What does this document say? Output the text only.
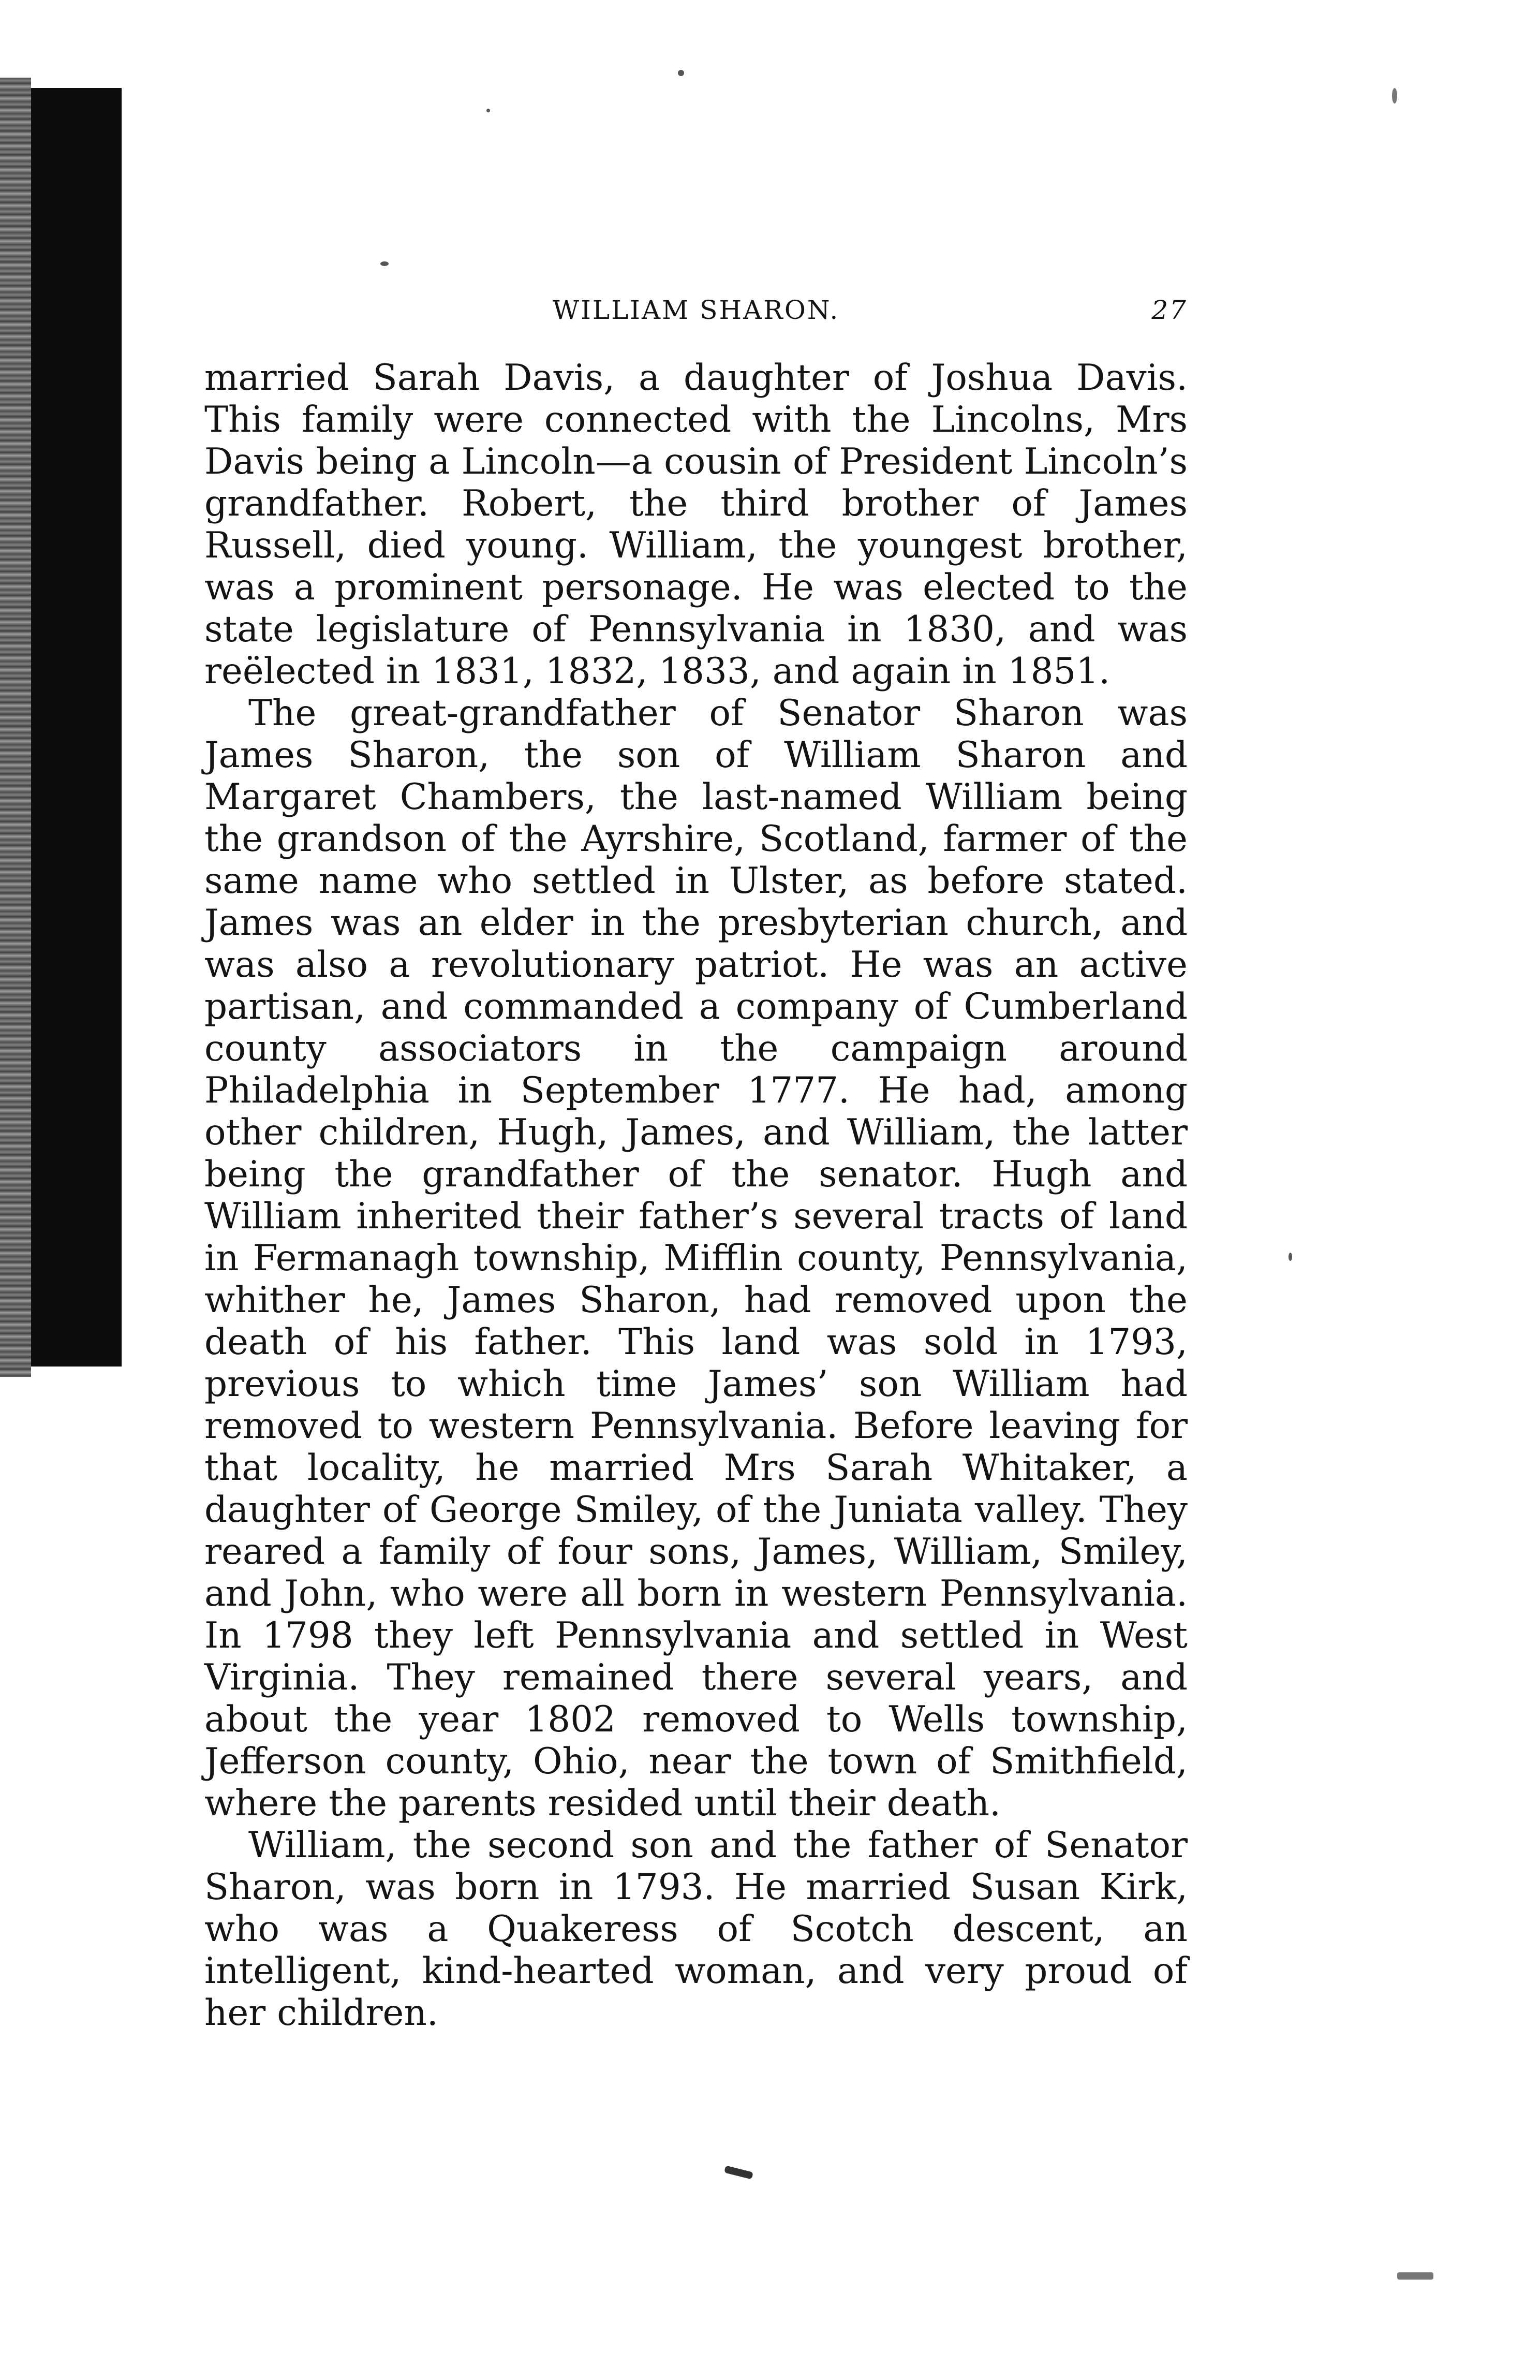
WILLIAM SHARON.	27

married Sarah Davis, a daughter of Joshua Davis. This family were connected with the Lincolns, Mrs Davis being a Lincoln—a cousin of President Lincoln’s grandfather. Robert, the third brother of James Russell, died young. William, the youngest brother, was a prominent personage. He was elected to the state legislature of Pennsylvania in 1830, and was reëlected in 1831, 1832, 1833, and again in 1851.

The great-grandfather of Senator Sharon was James Sharon, the son of William Sharon and Margaret Chambers, the last-named William being the grandson of the Ayrshire, Scotland, farmer of the same name who settled in Ulster, as before stated. James was an elder in the presbyterian church, and was also a revolutionary patriot. He was an active partisan, and commanded a company of Cumberland county associators in the campaign around Philadelphia in September 1777. He had, among other children, Hugh, James, and William, the latter being the grandfather of the senator. Hugh and William inherited their father’s several tracts of land in Fermanagh township, Mifflin county, Pennsylvania, whither he, James Sharon, had removed upon the death of his father. This land was sold in 1793, previous to which time James’ son William had removed to western Pennsylvania. Before leaving for that locality, he married Mrs Sarah Whitaker, a daughter of George Smiley, of the Juniata valley. They reared a family of four sons, James, William, Smiley, and John, who were all born in western Pennsylvania. In 1798 they left Pennsylvania and settled in West Virginia. They remained there several years, and about the year 1802 removed to Wells township, Jefferson county, Ohio, near the town of Smithfield, where the parents resided until their death.

William, the second son and the father of Senator Sharon, was born in 1793. He married Susan Kirk, who was a Quakeress of Scotch descent, an intelligent, kind-hearted woman, and very proud of her children.
